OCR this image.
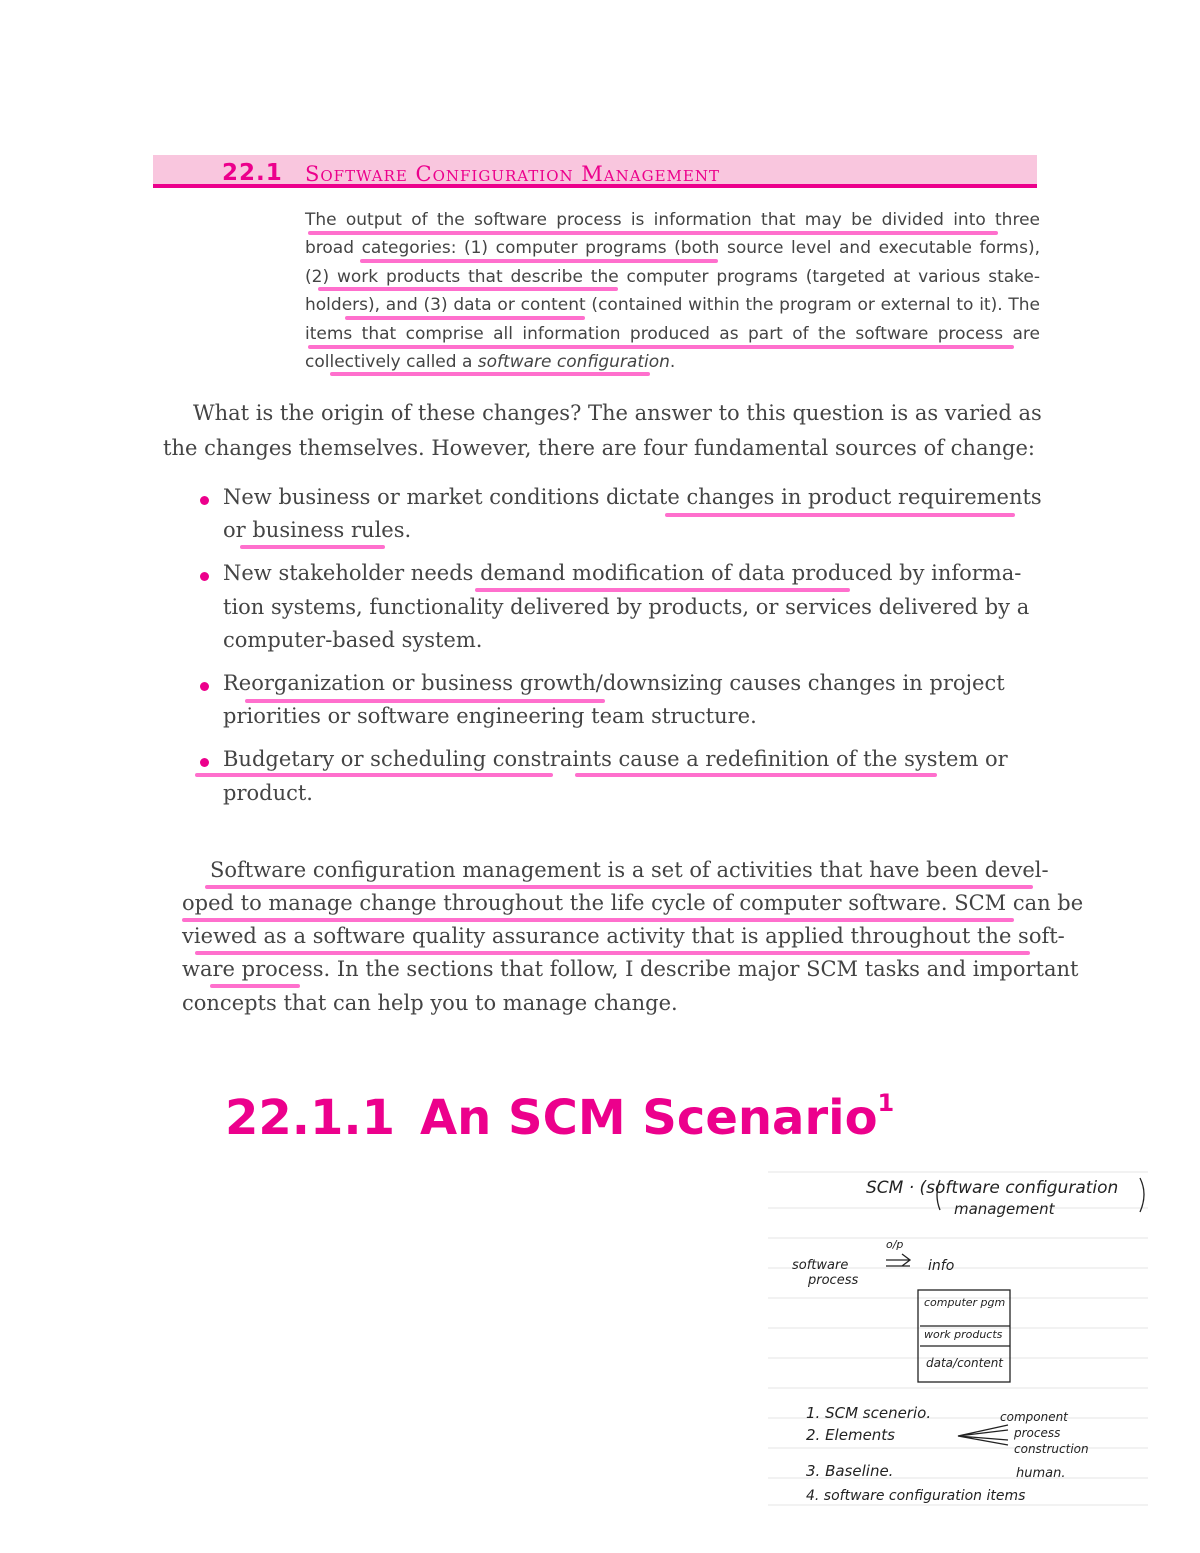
22.1 Software Configuration Management
The output of the software process is information that may be divided into three
broad categories: (1) computer programs (both source level and executable forms),
(2) work products that describe the computer programs (targeted at various stake-
holders), and (3) data or content (contained within the program or external to it). The
items that comprise all information produced as part of the software process are
collectively called a software configuration.
What is the origin of these changes? The answer to this question is as varied as
the changes themselves. However, there are four fundamental sources of change:
New business or market conditions dictate changes in product requirements
or business rules.
New stakeholder needs demand modification of data produced by informa-
tion systems, functionality delivered by products, or services delivered by a
computer-based system.
Reorganization or business growth/downsizing causes changes in project
priorities or software engineering team structure.
Budgetary or scheduling constraints cause a redefinition of the system or
product.
Software configuration management is a set of activities that have been devel-
oped to manage change throughout the life cycle of computer software. SCM can be
viewed as a software quality assurance activity that is applied throughout the soft-
ware process. In the sections that follow, I describe major SCM tasks and important
concepts that can help you to manage change.
22.1.1 An SCM Scenario$^1$
SCM · (software configuration
management
o/p
software
process
info
computer pgm
work products
data/content
1. SCM scenerio.
2. Elements
3. Baseline.
4. software configuration items
component
process
construction
human.
